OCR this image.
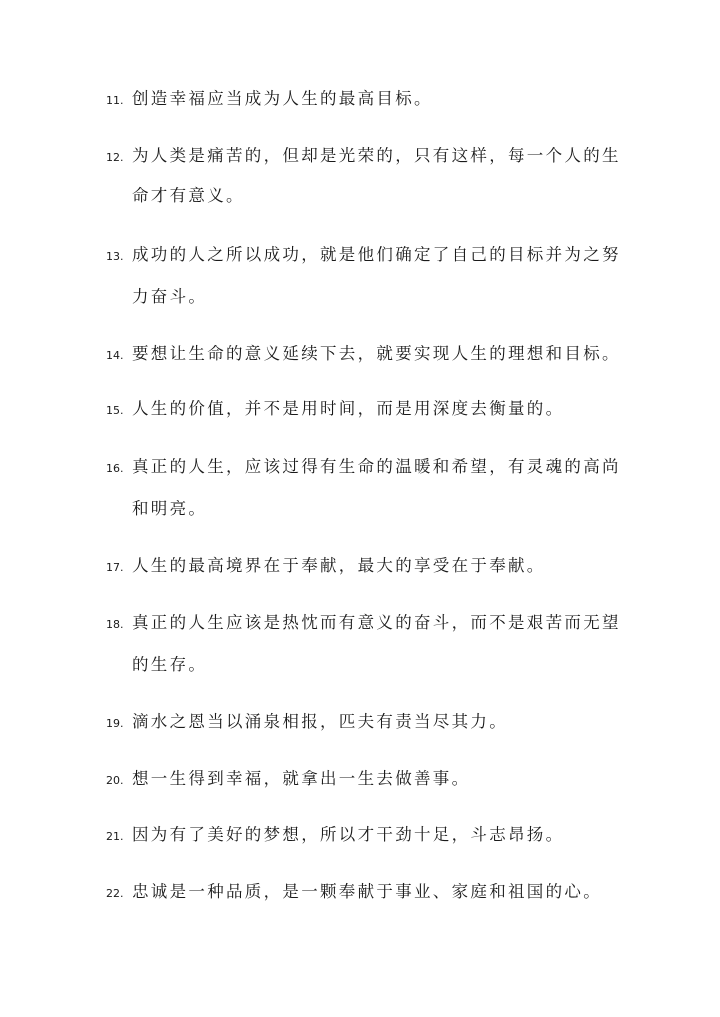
11. 创造幸福应当成为人生的最高目标。
12. 为人类是痛苦的，但却是光荣的，只有这样，每一个人的生
命才有意义。
13. 成功的人之所以成功，就是他们确定了自己的目标并为之努
力奋斗。
14. 要想让生命的意义延续下去，就要实现人生的理想和目标。
15. 人生的价值，并不是用时间，而是用深度去衡量的。
16. 真正的人生，应该过得有生命的温暖和希望，有灵魂的高尚
和明亮。
17. 人生的最高境界在于奉献，最大的享受在于奉献。
18. 真正的人生应该是热忱而有意义的奋斗，而不是艰苦而无望
的生存。
19. 滴水之恩当以涌泉相报，匹夫有责当尽其力。
20. 想一生得到幸福，就拿出一生去做善事。
21. 因为有了美好的梦想，所以才干劲十足，斗志昂扬。
22. 忠诚是一种品质，是一颗奉献于事业、家庭和祖国的心。
